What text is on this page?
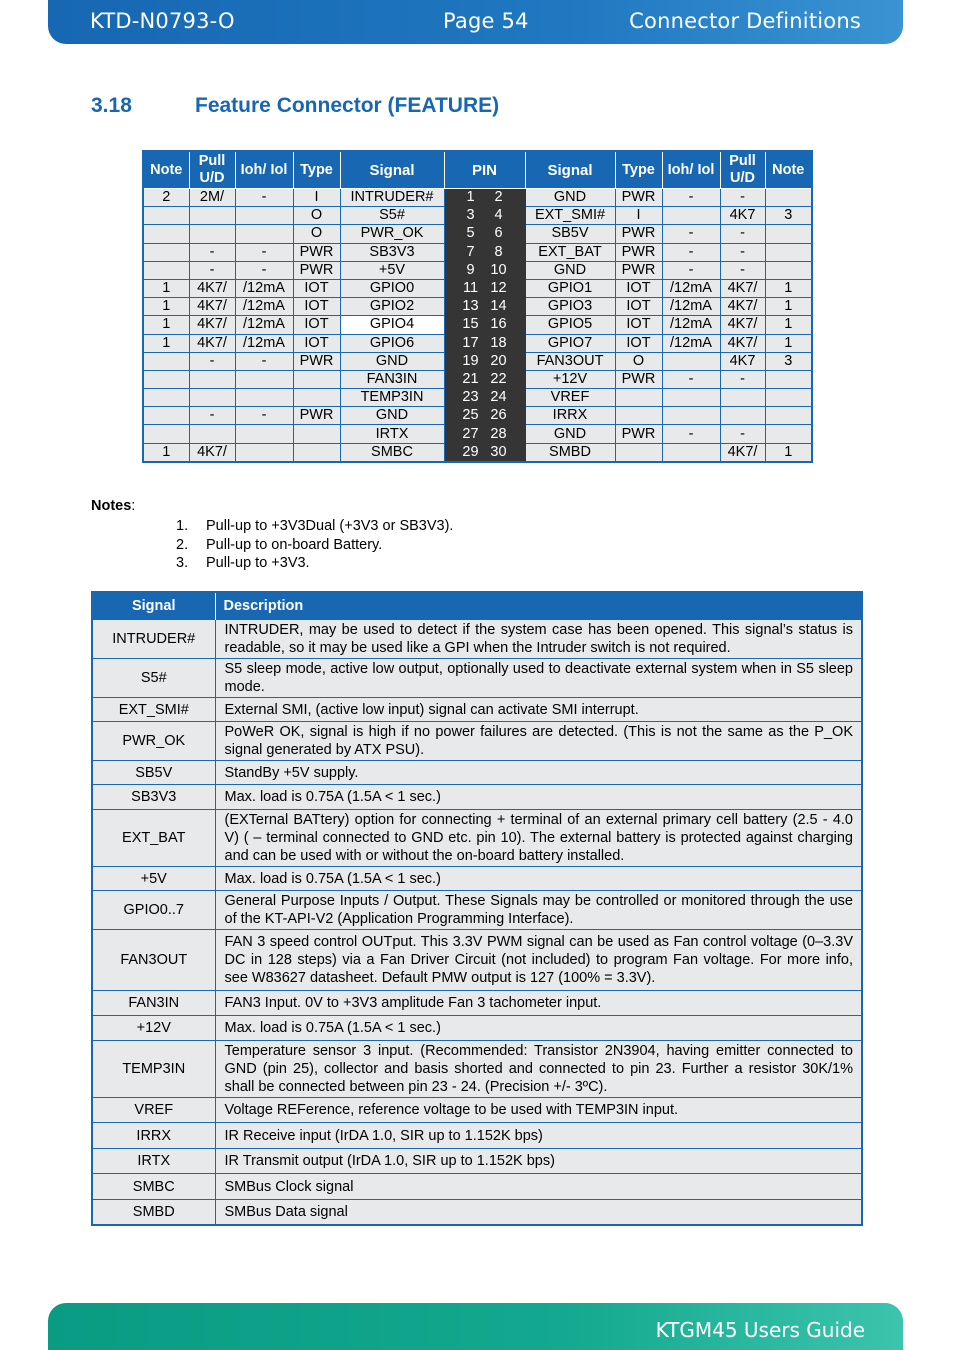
KTD-N0793-O	Page 54	Connector Definitions
3.18	Feature Connector (FEATURE)
Note	Pull U/D	Ioh/ Iol	Type	Signal	PIN	Signal	Type	Ioh/ Iol	Pull U/D	Note
2	2M/	-	I	INTRUDER#	1 2	GND	PWR	-	-	
			O	S5#	3 4	EXT_SMI#	I		4K7	3
			O	PWR_OK	5 6	SB5V	PWR	-	-	
	-	-	PWR	SB3V3	7 8	EXT_BAT	PWR	-	-	
	-	-	PWR	+5V	9 10	GND	PWR	-	-	
1	4K7/	/12mA	IOT	GPIO0	11 12	GPIO1	IOT	/12mA	4K7/	1
1	4K7/	/12mA	IOT	GPIO2	13 14	GPIO3	IOT	/12mA	4K7/	1
1	4K7/	/12mA	IOT	GPIO4	15 16	GPIO5	IOT	/12mA	4K7/	1
1	4K7/	/12mA	IOT	GPIO6	17 18	GPIO7	IOT	/12mA	4K7/	1
	-	-	PWR	GND	19 20	FAN3OUT	O		4K7	3
				FAN3IN	21 22	+12V	PWR	-	-	
				TEMP3IN	23 24	VREF				
	-	-	PWR	GND	25 26	IRRX				
				IRTX	27 28	GND	PWR	-	-	
1	4K7/			SMBC	29 30	SMBD			4K7/	1
Notes:
1. Pull-up to +3V3Dual (+3V3 or SB3V3).
2. Pull-up to on-board Battery.
3. Pull-up to +3V3.
Signal	Description
INTRUDER#	INTRUDER, may be used to detect if the system case has been opened. This signal’s status is readable, so it may be used like a GPI when the Intruder switch is not required.
S5#	S5 sleep mode, active low output, optionally used to deactivate external system when in S5 sleep mode.
EXT_SMI#	External SMI, (active low input) signal can activate SMI interrupt.
PWR_OK	PoWeR OK, signal is high if no power failures are detected. (This is not the same as the P_OK signal generated by ATX PSU).
SB5V	StandBy +5V supply.
SB3V3	Max. load is 0.75A (1.5A < 1 sec.)
EXT_BAT	(EXTernal BATtery) option for connecting + terminal of an external primary cell battery (2.5 - 4.0 V) ( – terminal connected to GND etc. pin 10). The external battery is protected against charging and can be used with or without the on-board battery installed.
+5V	Max. load is 0.75A (1.5A < 1 sec.)
GPIO0..7	General Purpose Inputs / Output. These Signals may be controlled or monitored through the use of the KT-API-V2 (Application Programming Interface).
FAN3OUT	FAN 3 speed control OUTput. This 3.3V PWM signal can be used as Fan control voltage (0–3.3V DC in 128 steps) via a Fan Driver Circuit (not included) to program Fan voltage. For more info, see W83627 datasheet. Default PMW output is 127 (100% = 3.3V).
FAN3IN	FAN3 Input. 0V to +3V3 amplitude Fan 3 tachometer input.
+12V	Max. load is 0.75A (1.5A < 1 sec.)
TEMP3IN	Temperature sensor 3 input. (Recommended: Transistor 2N3904, having emitter connected to GND (pin 25), collector and basis shorted and connected to pin 23. Further a resistor 30K/1% shall be connected between pin 23 - 24. (Precision +/- 3ºC).
VREF	Voltage REFerence, reference voltage to be used with TEMP3IN input.
IRRX	IR Receive input (IrDA 1.0, SIR up to 1.152K bps)
IRTX	IR Transmit output (IrDA 1.0, SIR up to 1.152K bps)
SMBC	SMBus Clock signal
SMBD	SMBus Data signal
KTGM45 Users Guide
